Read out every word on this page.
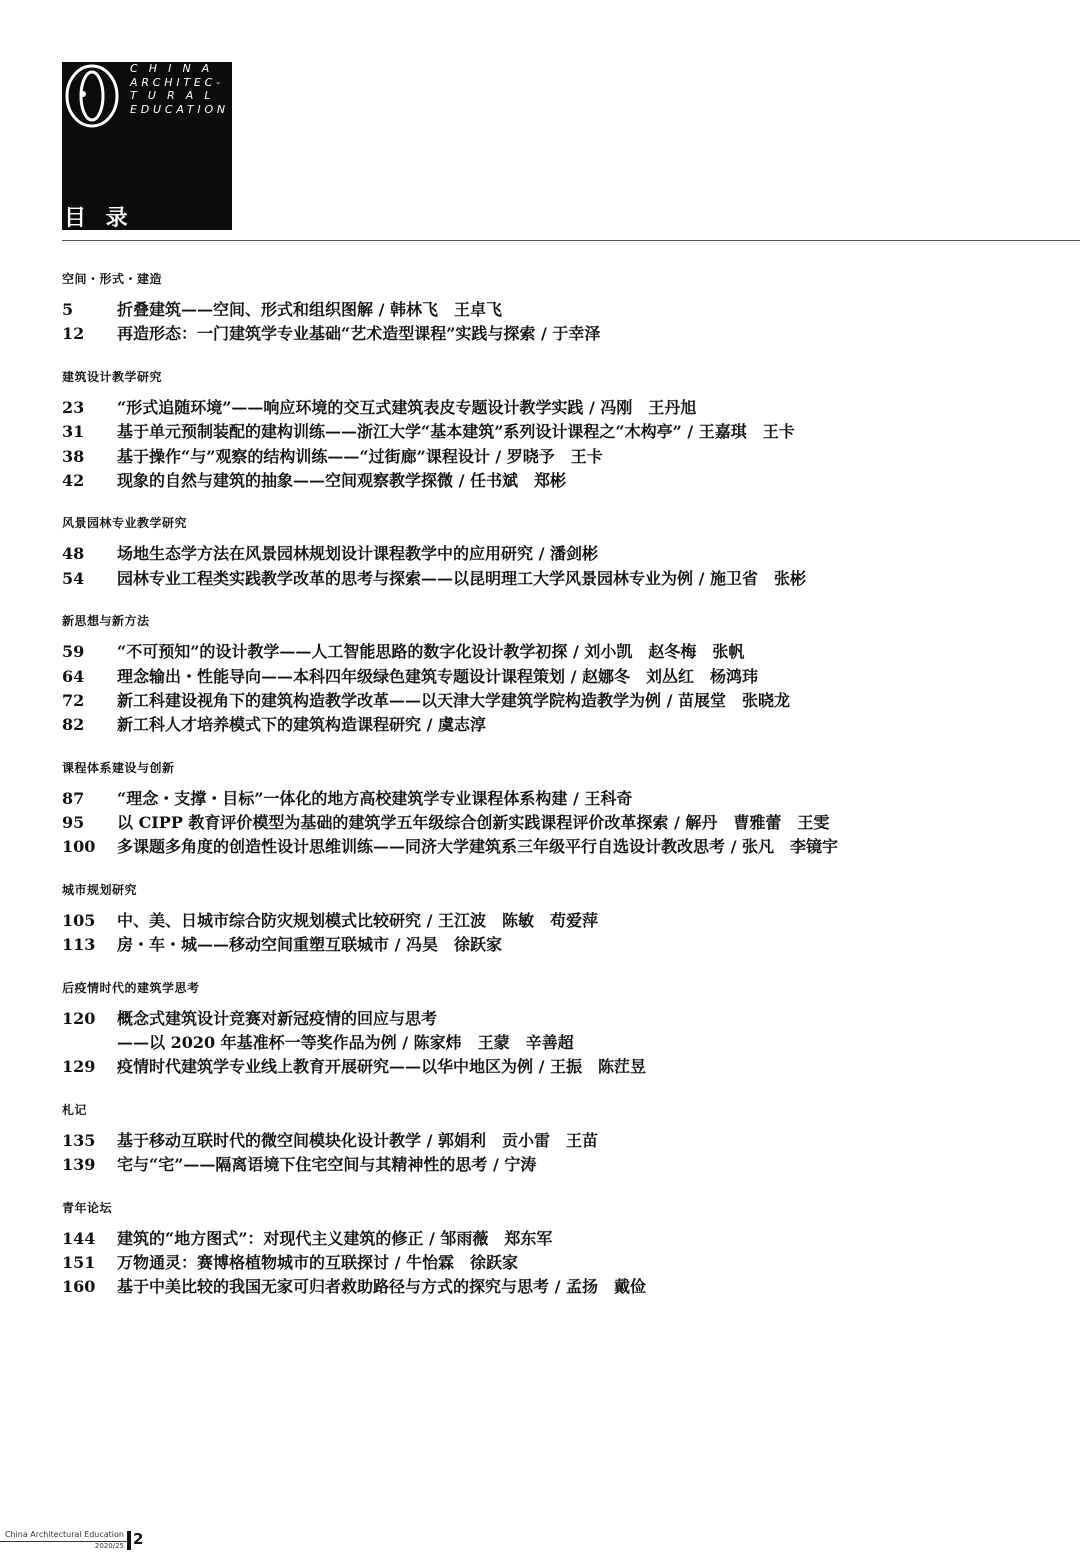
C H I N A
ARCHITEC-
T U R A L
EDUCATION
目 录
空间・形式・建造
5	折叠建筑——空间、形式和组织图解 / 韩林飞　王卓飞
12	再造形态：一门建筑学专业基础“艺术造型课程”实践与探索 / 于幸泽
建筑设计教学研究
23	“形式追随环境”——响应环境的交互式建筑表皮专题设计教学实践 / 冯刚　王丹旭
31	基于单元预制装配的建构训练——浙江大学“基本建筑”系列设计课程之“木构亭” / 王嘉琪　王卡
38	基于操作“与”观察的结构训练——“过街廊”课程设计 / 罗晓予　王卡
42	现象的自然与建筑的抽象——空间观察教学探微 / 任书斌　郑彬
风景园林专业教学研究
48	场地生态学方法在风景园林规划设计课程教学中的应用研究 / 潘剑彬
54	园林专业工程类实践教学改革的思考与探索——以昆明理工大学风景园林专业为例 / 施卫省　张彬
新思想与新方法
59	“不可预知”的设计教学——人工智能思路的数字化设计教学初探 / 刘小凯　赵冬梅　张帆
64	理念输出・性能导向——本科四年级绿色建筑专题设计课程策划 / 赵娜冬　刘丛红　杨鸿玮
72	新工科建设视角下的建筑构造教学改革——以天津大学建筑学院构造教学为例 / 苗展堂　张晓龙
82	新工科人才培养模式下的建筑构造课程研究 / 虞志淳
课程体系建设与创新
87	“理念・支撑・目标”一体化的地方高校建筑学专业课程体系构建 / 王科奇
95	以 CIPP 教育评价模型为基础的建筑学五年级综合创新实践课程评价改革探索 / 解丹　曹雅蕾　王雯
100	多课题多角度的创造性设计思维训练——同济大学建筑系三年级平行自选设计教改思考 / 张凡　李镜宇
城市规划研究
105	中、美、日城市综合防灾规划模式比较研究 / 王江波　陈敏　苟爱萍
113	房・车・城——移动空间重塑互联城市 / 冯昊　徐跃家
后疫情时代的建筑学思考
120	概念式建筑设计竞赛对新冠疫情的回应与思考
——以 2020 年基准杯一等奖作品为例 / 陈家炜　王蒙　辛善超
129	疫情时代建筑学专业线上教育开展研究——以华中地区为例 / 王振　陈茳昱
札记
135	基于移动互联时代的微空间模块化设计教学 / 郭娟利　贡小雷　王苗
139	宅与“宅”——隔离语境下住宅空间与其精神性的思考 / 宁涛
青年论坛
144	建筑的“地方图式”：对现代主义建筑的修正 / 邹雨薇　郑东军
151	万物通灵：赛博格植物城市的互联探讨 / 牛怡霖　徐跃家
160	基于中美比较的我国无家可归者救助路径与方式的探究与思考 / 孟扬　戴俭
China Architectural Education
2020/25 2
